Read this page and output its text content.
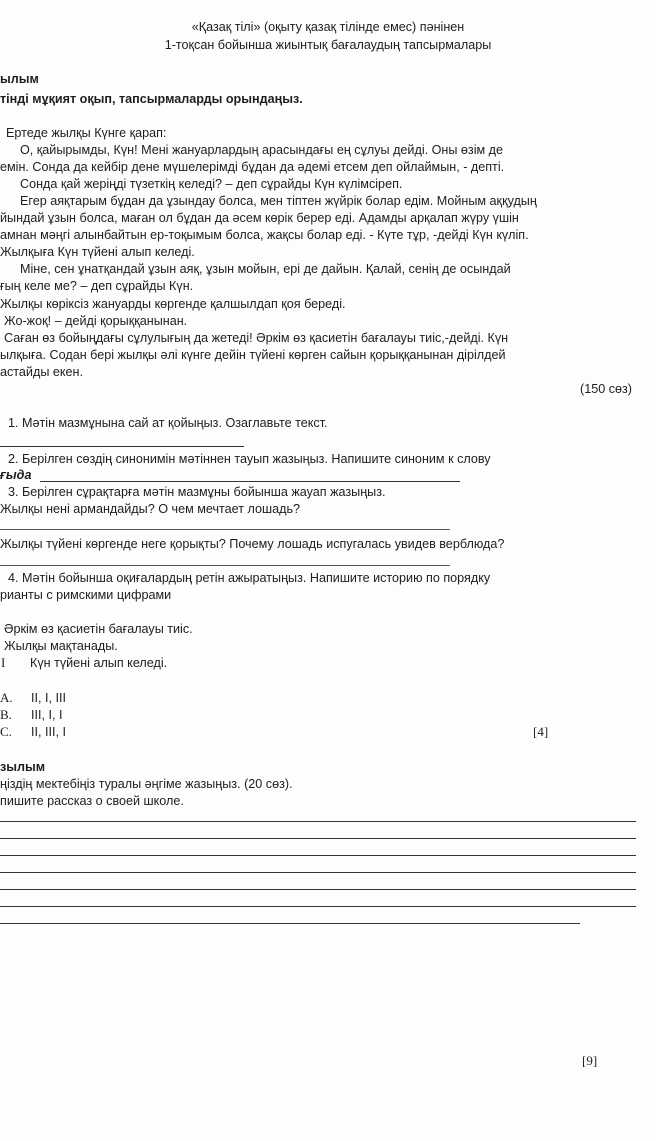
«Қазақ тілі» (оқыту қазақ тілінде емес) пәнінен
1-тоқсан бойынша жиынтық бағалаудың тапсырмалары
ылым
тінді мұқият оқып, тапсырмаларды орындаңыз.
Ертеде жылқы Күнге қарап:
О, қайырымды, Күн! Мені жануарлардың арасындағы ең сұлуы дейді. Оны өзім де
емін. Сонда да кейбір дене мүшелерімді бұдан да әдемі етсем деп ойлаймын, - депті.
Сонда қай жеріңді түзеткің келеді? – деп сұрайды Күн күлімсіреп.
Егер аяқтарым бұдан да ұзындау болса, мен тіптен жүйрік болар едім. Мойным аққудың
йындай ұзын болса, маған ол бұдан да әсем көрік берер еді. Адамды арқалап жүру үшін
амнан мәңгі алынбайтын ер-тоқымым болса, жақсы болар еді. - Күте тұр, -дейді Күн күліп.
Жылқыға Күн түйені алып келеді.
Міне, сен ұнатқандай ұзын аяқ, ұзын мойын, ері де дайын. Қалай, сенің де осындай
ғың келе ме? – деп сұрайды Күн.
Жылқы көріксіз жануарды көргенде қалшылдап қоя береді.
Жо-жоқ! – дейді қорыққанынан.
Саған өз бойыңдағы сұлулығың да жетеді! Әркім өз қасиетін бағалауы тиіс,-дейді. Күн
ылқыға. Содан бері жылқы әлі күнге дейін түйені көрген сайын қорыққанынан дірілдей
астайды екен.
(150 сөз)
1. Мәтін мазмұнына сай ат қойыңыз. Озаглавьте текст.
2. Берілген сөздің синонимін мәтіннен тауып жазыңыз. Напишите синоним к слову
ғыда
3. Берілген сұрақтарға мәтін мазмұны бойынша жауап жазыңыз.
Жылқы нені армандайды? О чем мечтает лошадь?
Жылқы түйені көргенде неге қорықты? Почему лошадь испугалась увидев верблюда?
4. Мәтін бойынша оқиғалардың ретін ажыратыңыз. Напишите историю по порядку
рианты с римскими цифрами
Әркім өз қасиетін бағалауы тиіс.
Жылқы мақтанады.
I Күн түйені алып келеді.
A. II, I, III
B. III, I, I
C. II, III, I	[4]
зылым
ңіздің мектебіңіз туралы әңгіме жазыңыз. (20 сөз).
пишите рассказ о своей школе.
[9]
